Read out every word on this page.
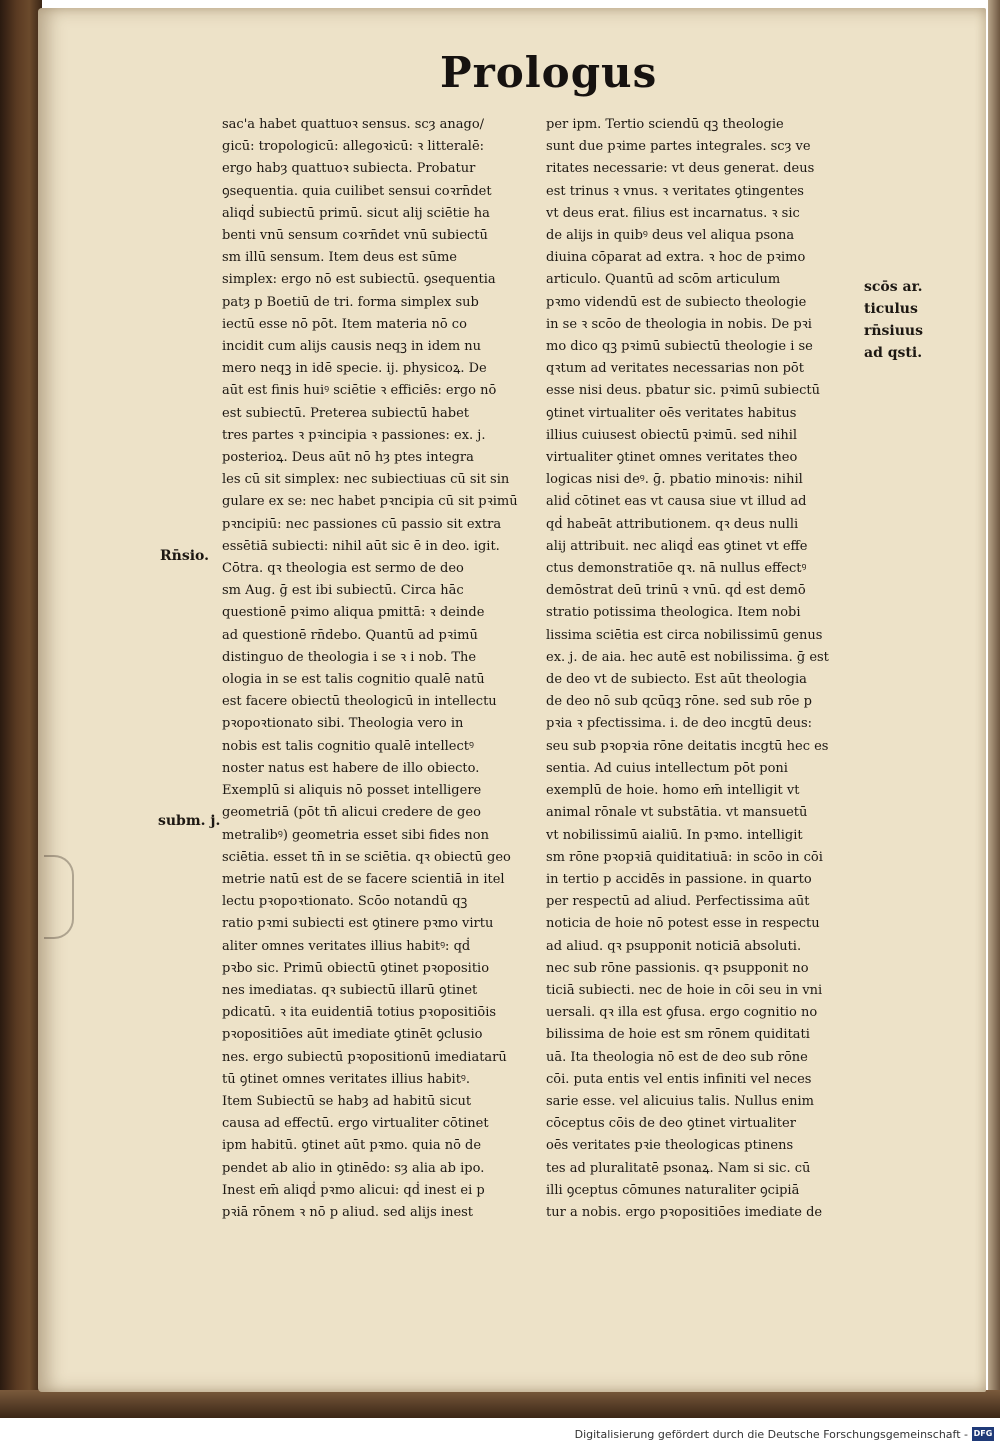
Prologus
sac'a habet quattuoꝛ sensus. scȝ anago/
gicū: tropologicū: allegoꝛicū: ꝛ litteralē:
ergo habȝ quattuoꝛ subiecta. Probatur
ꝯsequentia. quia cuilibet sensui coꝛrn̄det
aliqḋ subiectū primū. sicut alij sciētie ha
benti vnū sensum coꝛrn̄det vnū subiectū
sm illū sensum. Item deus est sūme
simplex: ergo nō est subiectū. ꝯsequentia
patȝ p Boetiū de tri. forma simplex sub
iectū esse nō pōt. Item materia nō co
incidit cum alijs causis neqꝫ in idem nu
mero neqꝫ in idē specie. ij. physicoꝝ. De
aūt est finis huiꝰ sciētie ꝛ efficiēs: ergo nō
est subiectū. Preterea subiectū habet
tres partes ꝛ pꝛincipia ꝛ passiones: ex. j.
posterioꝝ. Deus aūt nō hȝ ptes integra
les cū sit simplex: nec subiectiuas cū sit sin
gulare ex se: nec habet pꝛncipia cū sit pꝛimū
pꝛncipiū: nec passiones cū passio sit extra
essētiā subiecti: nihil aūt sic ē in deo. igit.
Cōtra. qꝛ theologia est sermo de deo
sm Aug. ḡ est ibi subiectū. Circa hāc
questionē pꝛimo aliqua pmittā: ꝛ deinde
ad questionē rn̄debo. Quantū ad pꝛimū
distinguo de theologia i se ꝛ i nob. The
ologia in se est talis cognitio qualē natū
est facere obiectū theologicū in intellectu
pꝛopoꝛtionato sibi. Theologia vero in
nobis est talis cognitio qualē intellectꝰ
noster natus est habere de illo obiecto.
Exemplū si aliquis nō posset intelligere
geometriā (pōt tn̄ alicui credere de geo
metralibꝰ) geometria esset sibi fides non
sciētia. esset tn̄ in se sciētia. qꝛ obiectū geo
metrie natū est de se facere scientiā in itel
lectu pꝛopoꝛtionato. Scōo notandū qꝫ
ratio pꝛmi subiecti est ꝯtinere pꝛmo virtu
aliter omnes veritates illius habitꝰ: qḋ
pꝛbo sic. Primū obiectū ꝯtinet pꝛopositio
nes imediatas. qꝛ subiectū illarū ꝯtinet
pdicatū. ꝛ ita euidentiā totius pꝛopositiōis
pꝛopositiōes aūt imediate ꝯtinēt ꝯclusio
nes. ergo subiectū pꝛopositionū imediatarū
tū ꝯtinet omnes veritates illius habitꝰ.
Item Subiectū se habȝ ad habitū sicut
causa ad effectū. ergo virtualiter cōtinet
ipm habitū. ꝯtinet aūt pꝛmo. quia nō de
pendet ab alio in ꝯtinēdo: sȝ alia ab ipo.
Inest em̄ aliqḋ pꝛmo alicui: qḋ inest ei p
pꝛiā rōnem ꝛ nō p aliud. sed alijs inest
per ipm. Tertio sciendū qꝫ theologie
sunt due pꝛime partes integrales. scȝ ve
ritates necessarie: vt deus generat. deus
est trinus ꝛ vnus. ꝛ veritates ꝯtingentes
vt deus erat. filius est incarnatus. ꝛ sic
de alijs in quibꝰ deus vel aliqua psona
diuina cōparat ad extra. ꝛ hoc de pꝛimo
articulo. Quantū ad scōm articulum
pꝛmo videndū est de subiecto theologie
in se ꝛ scōo de theologia in nobis. De pꝛi
mo dico qꝫ pꝛimū subiectū theologie i se
qꝛtum ad veritates necessarias non pōt
esse nisi deus. pbatur sic. pꝛimū subiectū
ꝯtinet virtualiter oēs veritates habitus
illius cuiusest obiectū pꝛimū. sed nihil
virtualiter ꝯtinet omnes veritates theo
logicas nisi deꝰ. ḡ. pbatio minoꝛis: nihil
aliḋ cōtinet eas vt causa siue vt illud ad
qḋ habeāt attributionem. qꝛ deus nulli
alij attribuit. nec aliqḋ eas ꝯtinet vt effe
ctus demonstratiōe qꝛ. nā nullus effectꝰ
demōstrat deū trinū ꝛ vnū. qḋ est demō
stratio potissima theologica. Item nobi
lissima sciētia est circa nobilissimū genus
ex. j. de aia. hec autē est nobilissima. ḡ est
de deo vt de subiecto. Est aūt theologia
de deo nō sub qcūqꝫ rōne. sed sub rōe p
pꝛia ꝛ pfectissima. i. de deo incgtū deus:
seu sub pꝛopꝛia rōne deitatis incgtū hec es
sentia. Ad cuius intellectum pōt poni
exemplū de hoie. homo em̄ intelligit vt
animal rōnale vt substātia. vt mansuetū
vt nobilissimū aialiū. In pꝛmo. intelligit
sm rōne pꝛopꝛiā quiditatiuā: in scōo in cōi
in tertio p accidēs in passione. in quarto
per respectū ad aliud. Perfectissima aūt
noticia de hoie nō potest esse in respectu
ad aliud. qꝛ psupponit noticiā absoluti.
nec sub rōne passionis. qꝛ psupponit no
ticiā subiecti. nec de hoie in cōi seu in vni
uersali. qꝛ illa est ꝯfusa. ergo cognitio no
bilissima de hoie est sm rōnem quiditati
uā. Ita theologia nō est de deo sub rōne
cōi. puta entis vel entis infiniti vel neces
sarie esse. vel alicuius talis. Nullus enim
cōceptus cōis de deo ꝯtinet virtualiter
oēs veritates pꝛie theologicas ptinens
tes ad pluralitatē psonaꝝ. Nam si sic. cū
illi ꝯceptus cōmunes naturaliter ꝯcipiā
tur a nobis. ergo pꝛopositiōes imediate de
Rn̄sio.
subm. j.
scōs ar.
ticulus
rn̄siuus
ad qsti.
Digitalisierung gefördert durch die Deutsche Forschungsgemeinschaft - DFG
